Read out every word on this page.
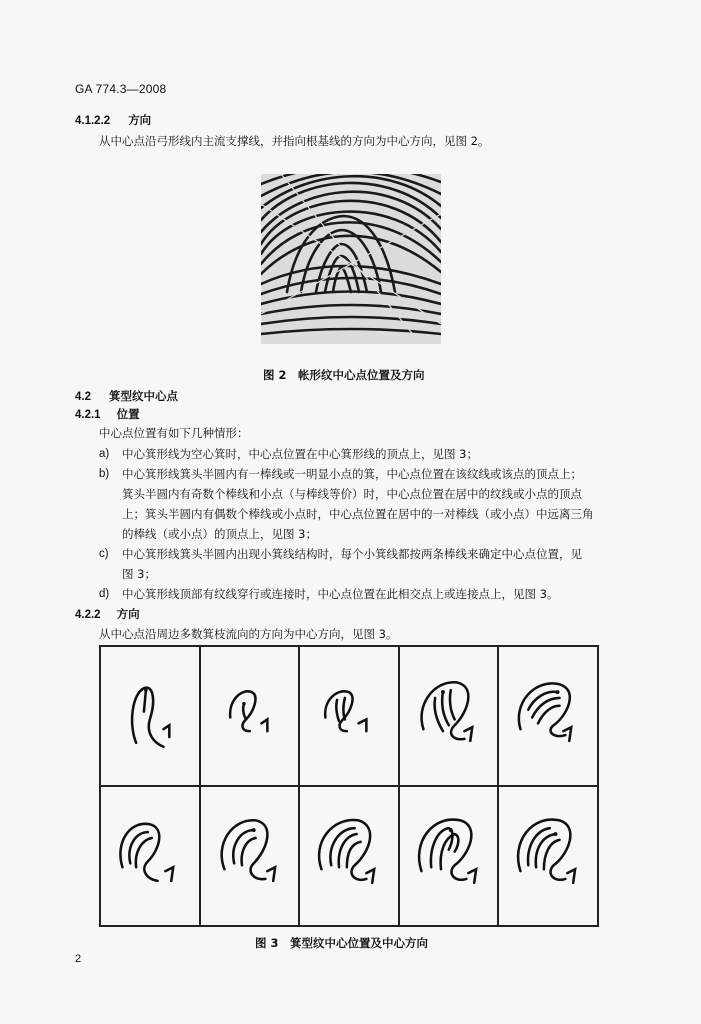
GA 774.3—2008
4.1.2.2 方向
从中心点沿弓形线内主流支撑线，并指向根基线的方向为中心方向，见图 2。
图 2　帐形纹中心点位置及方向
4.2 箕型纹中心点
4.2.1 位置
中心点位置有如下几种情形：
a) 中心箕形线为空心箕时，中心点位置在中心箕形线的顶点上，见图 3；
b) 中心箕形线箕头半圆内有一棒线或一明显小点的箕，中心点位置在该纹线或该点的顶点上；
箕头半圆内有奇数个棒线和小点（与棒线等价）时，中心点位置在居中的纹线或小点的顶点
上；箕头半圆内有偶数个棒线或小点时，中心点位置在居中的一对棒线（或小点）中远离三角
的棒线（或小点）的顶点上，见图 3；
c) 中心箕形线箕头半圆内出现小箕线结构时，每个小箕线都按两条棒线来确定中心点位置，见
图 3；
d) 中心箕形线顶部有纹线穿行或连接时，中心点位置在此相交点上或连接点上，见图 3。
4.2.2 方向
从中心点沿周边多数箕枝流向的方向为中心方向，见图 3。
图 3　箕型纹中心位置及中心方向
2
